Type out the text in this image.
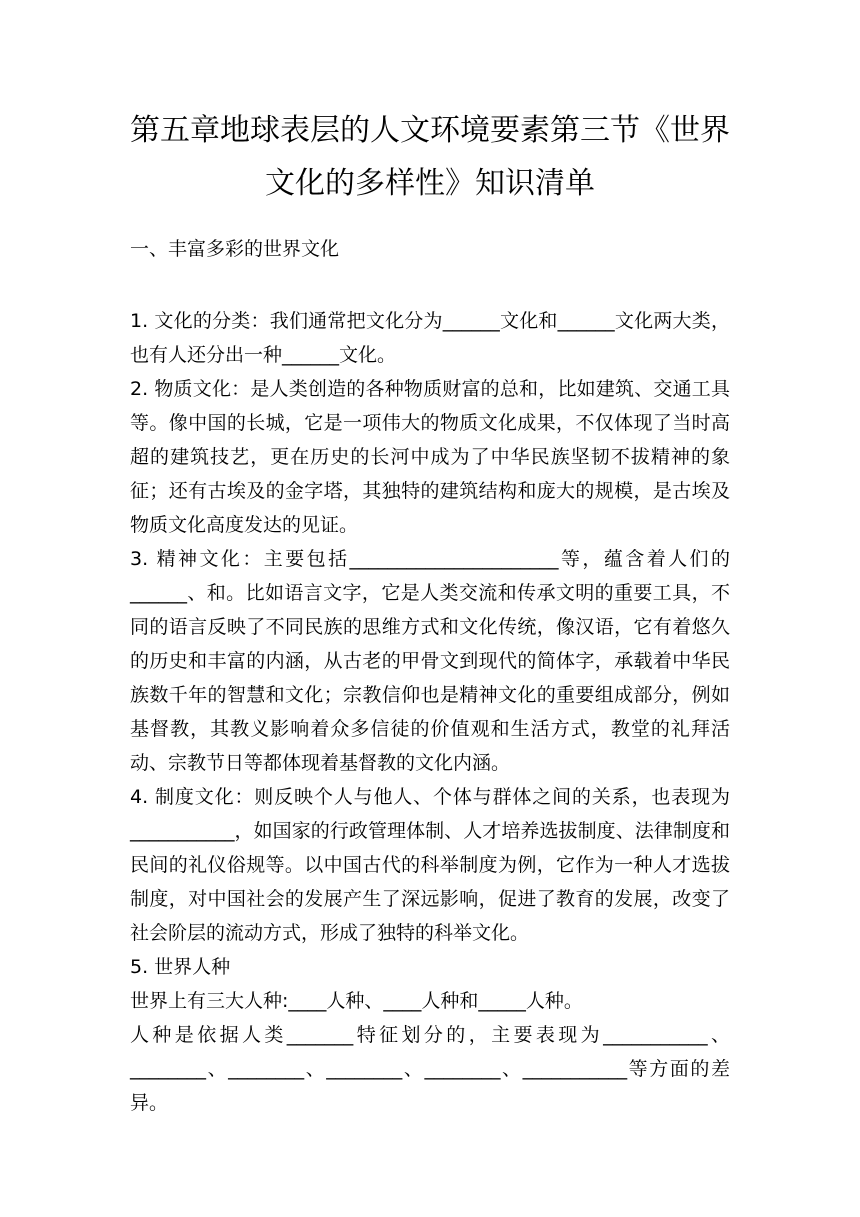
第五章地球表层的人文环境要素第三节《世界文化的多样性》知识清单
一、丰富多彩的世界文化

1. 文化的分类：我们通常把文化分为______文化和______文化两大类，也有人还分出一种______文化。

2. 物质文化：是人类创造的各种物质财富的总和，比如建筑、交通工具等。像中国的长城，它是一项伟大的物质文化成果，不仅体现了当时高超的建筑技艺，更在历史的长河中成为了中华民族坚韧不拔精神的象征；还有古埃及的金字塔，其独特的建筑结构和庞大的规模，是古埃及物质文化高度发达的见证。

3. 精神文化：主要包括______________________等，蕴含着人们的______、和。比如语言文字，它是人类交流和传承文明的重要工具，不同的语言反映了不同民族的思维方式和文化传统，像汉语，它有着悠久的历史和丰富的内涵，从古老的甲骨文到现代的简体字，承载着中华民族数千年的智慧和文化；宗教信仰也是精神文化的重要组成部分，例如基督教，其教义影响着众多信徒的价值观和生活方式，教堂的礼拜活动、宗教节日等都体现着基督教的文化内涵。

4. 制度文化：则反映个人与他人、个体与群体之间的关系，也表现为___________，如国家的行政管理体制、人才培养选拔制度、法律制度和民间的礼仪俗规等。以中国古代的科举制度为例，它作为一种人才选拔制度，对中国社会的发展产生了深远影响，促进了教育的发展，改变了社会阶层的流动方式，形成了独特的科举文化。

5. 世界人种

世界上有三大人种:____人种、____人种和_____人种。

人种是依据人类_______特征划分的，主要表现为___________、________、________、________、________、___________等方面的差异。
